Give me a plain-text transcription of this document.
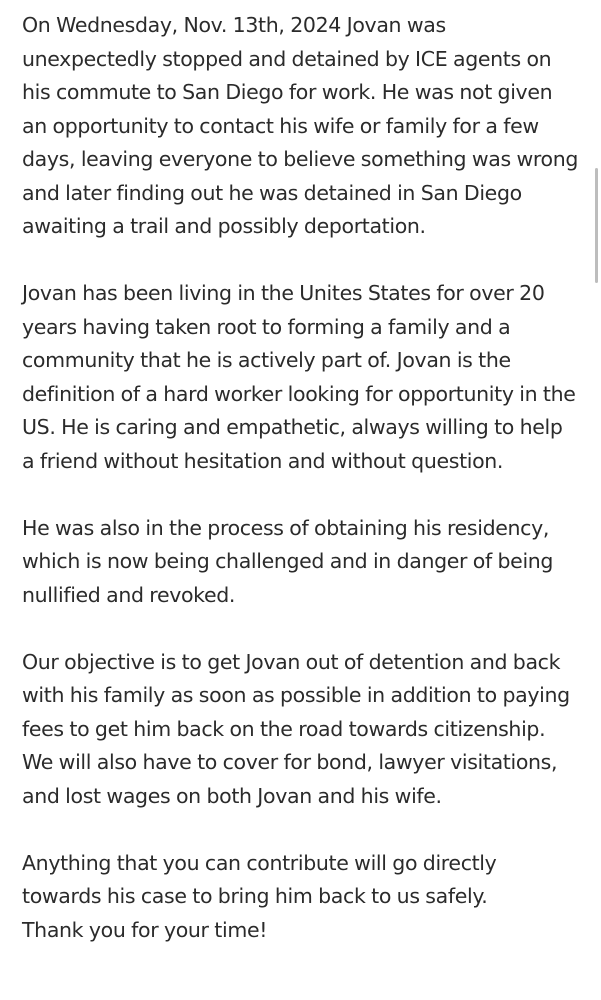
On Wednesday, Nov. 13th, 2024 Jovan was
unexpectedly stopped and detained by ICE agents on
his commute to San Diego for work. He was not given
an opportunity to contact his wife or family for a few
days, leaving everyone to believe something was wrong
and later finding out he was detained in San Diego
awaiting a trail and possibly deportation.

Jovan has been living in the Unites States for over 20
years having taken root to forming a family and a
community that he is actively part of. Jovan is the
definition of a hard worker looking for opportunity in the
US. He is caring and empathetic, always willing to help
a friend without hesitation and without question.

He was also in the process of obtaining his residency,
which is now being challenged and in danger of being
nullified and revoked.

Our objective is to get Jovan out of detention and back
with his family as soon as possible in addition to paying
fees to get him back on the road towards citizenship.
We will also have to cover for bond, lawyer visitations,
and lost wages on both Jovan and his wife.

Anything that you can contribute will go directly
towards his case to bring him back to us safely.
Thank you for your time!
